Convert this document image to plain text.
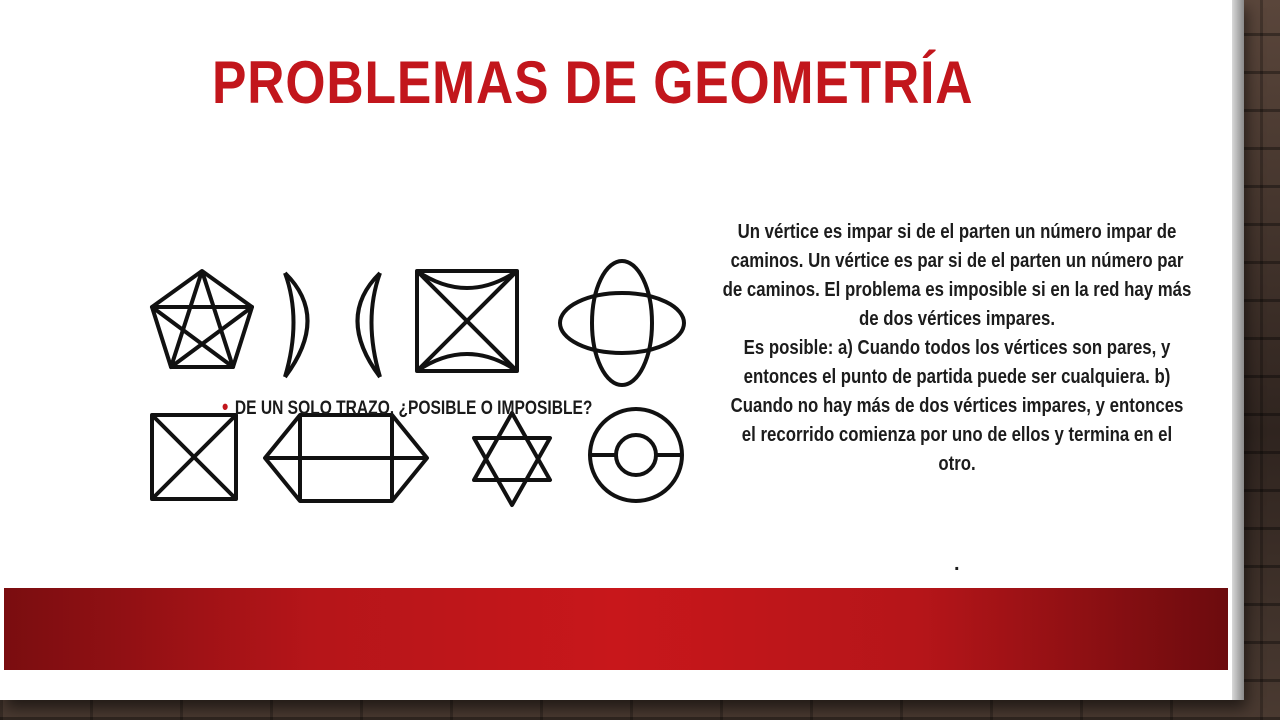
PROBLEMAS DE GEOMETRÍA
• DE UN SOLO TRAZO, ¿POSIBLE O IMPOSIBLE?

Un vértice es impar si de el parten un número impar de caminos. Un vértice es par si de el parten un número par de caminos. El problema es imposible si en la red hay más de dos vértices impares.

Es posible: a) Cuando todos los vértices son pares, y entonces el punto de partida puede ser cualquiera. b) Cuando no hay más de dos vértices impares, y entonces el recorrido comienza por uno de ellos y termina en el otro.

.
